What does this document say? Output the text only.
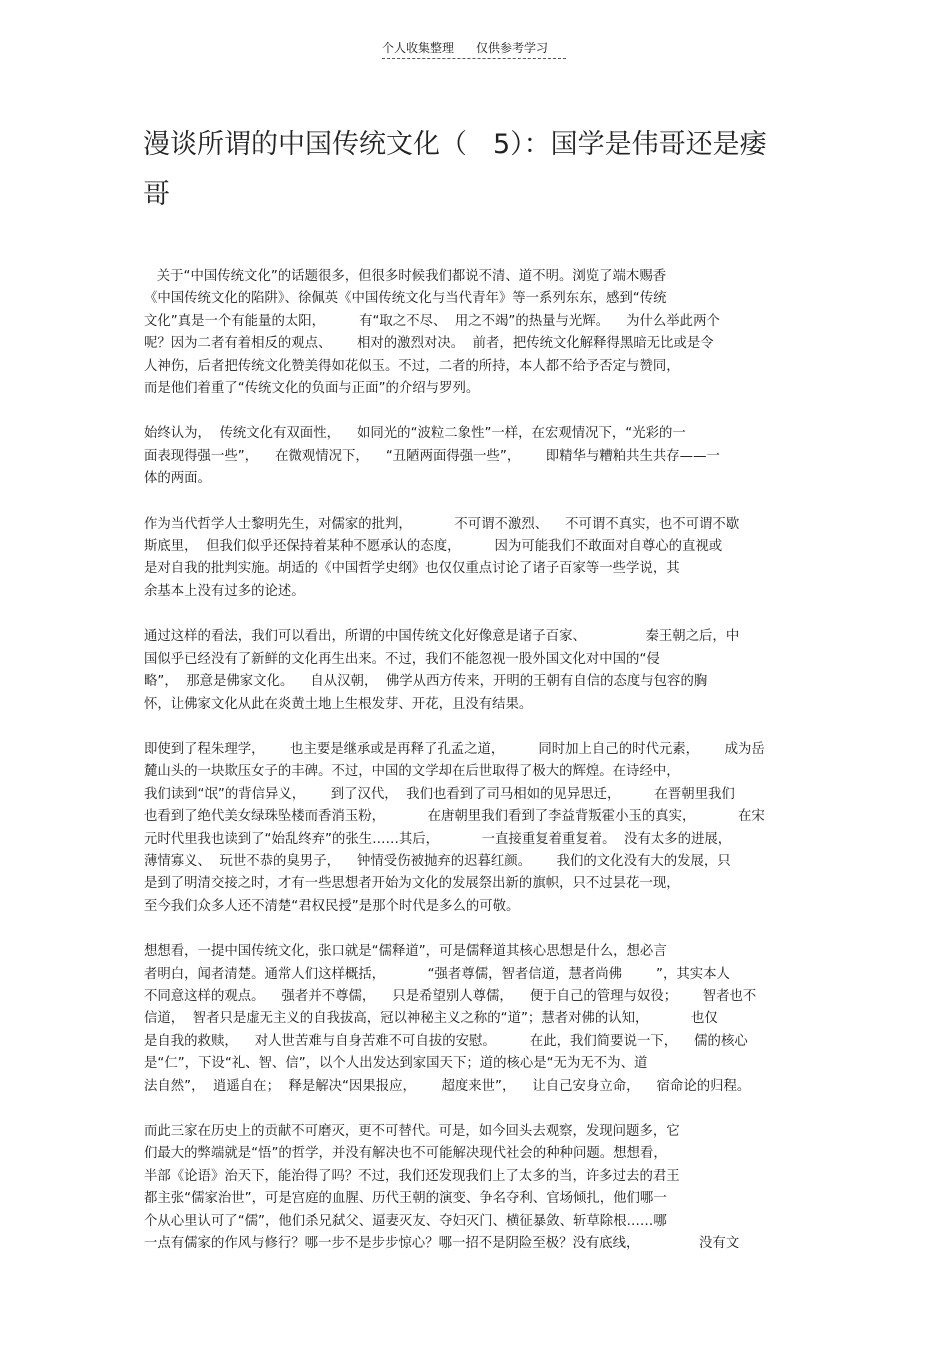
个人收集整理 仅供参考学习
漫谈所谓的中国传统文化（ 5）：国学是伟哥还是痿
哥
关于“中国传统文化”的话题很多，但很多时候我们都说不清、道不明。浏览了端木赐香
《中国传统文化的陷阱》、徐佩英《中国传统文化与当代青年》等一系列东东，感到“传统
文化”真是一个有能量的太阳，        有“取之不尽、  用之不竭”的热量与光辉。    为什么举此两个
呢？因为二者有着相反的观点、      相对的激烈对决。  前者，把传统文化解释得黑暗无比或是令
人神伤，后者把传统文化赞美得如花似玉。不过，二者的所持，本人都不给予否定与赞同，
而是他们着重了“传统文化的负面与正面”的介绍与罗列。
始终认为，  传统文化有双面性，    如同光的“波粒二象性”一样，在宏观情况下，“光彩的一
面表现得强一些”，    在微观情况下，    “丑陋两面得强一些”，      即精华与糟粕共生共存——一
体的两面。
作为当代哲学人士黎明先生，对儒家的批判，          不可谓不激烈、    不可谓不真实，也不可谓不歇
斯底里，  但我们似乎还保持着某种不愿承认的态度，        因为可能我们不敢面对自尊心的直视或
是对自我的批判实施。胡适的《中国哲学史纲》也仅仅重点讨论了诸子百家等一些学说，其
余基本上没有过多的论述。
通过这样的看法，我们可以看出，所谓的中国传统文化好像意是诸子百家、              秦王朝之后，中
国似乎已经没有了新鲜的文化再生出来。不过，我们不能忽视一股外国文化对中国的“侵
略”，  那意是佛家文化。    自从汉朝，  佛学从西方传来，开明的王朝有自信的态度与包容的胸
怀，让佛家文化从此在炎黄土地上生根发芽、开花，且没有结果。
即使到了程朱理学，      也主要是继承或是再释了孔孟之道，        同时加上自己的时代元素，      成为岳
麓山头的一块欺压女子的丰碑。不过，中国的文学却在后世取得了极大的辉煌。在诗经中，
我们读到“氓”的背信异义，      到了汉代，  我们也看到了司马相如的见异思迁，        在晋朝里我们
也看到了绝代美女绿珠坠楼而香消玉粉，          在唐朝里我们看到了李益背叛霍小玉的真实，          在宋
元时代里我也读到了“始乱终弃”的张生……其后，          一直接重复着重复着。  没有太多的进展，
薄情寡义、  玩世不恭的臭男子，    钟情受伤被抛弃的迟暮红颜。      我们的文化没有大的发展，只
是到了明清交接之时，才有一些思想者开始为文化的发展祭出新的旗帜，只不过昙花一现，
至今我们众多人还不清楚“君权民授”是那个时代是多么的可敬。
想想看，一提中国传统文化，张口就是“儒释道”，可是儒释道其核心思想是什么，想必言
者明白，闻者清楚。通常人们这样概括，          “强者尊儒，智者信道，慧者尚佛        ”，其实本人
不同意这样的观点。    强者并不尊儒，    只是希望别人尊儒，    便于自己的管理与奴役；      智者也不
信道，  智者只是虚无主义的自我拔高，冠以神秘主义之称的“道”；慧者对佛的认知，          也仅
是自我的救赎，    对人世苦难与自身苦难不可自拔的安慰。        在此，我们简要说一下，    儒的核心
是“仁”，下设“礼、智、信”，以个人出发达到家国天下；道的核心是“无为无不为、道
法自然”，  逍遥自在；  释是解决“因果报应，      超度来世”，    让自己安身立命，    宿命论的归程。
而此三家在历史上的贡献不可磨灭，更不可替代。可是，如今回头去观察，发现问题多，它
们最大的弊端就是“悟”的哲学，并没有解决也不可能解决现代社会的种种问题。想想看，
半部《论语》治天下，能治得了吗？不过，我们还发现我们上了太多的当，许多过去的君王
都主张“儒家治世”，可是宫庭的血腥、历代王朝的演变、争名夺利、官场倾扎，他们哪一
个从心里认可了“儒”，他们杀兄弑父、逼妻灭友、夺妇灭门、横征暴敛、斩草除根……哪
一点有儒家的作风与修行？哪一步不是步步惊心？哪一招不是阴险至极？没有底线，              没有文
